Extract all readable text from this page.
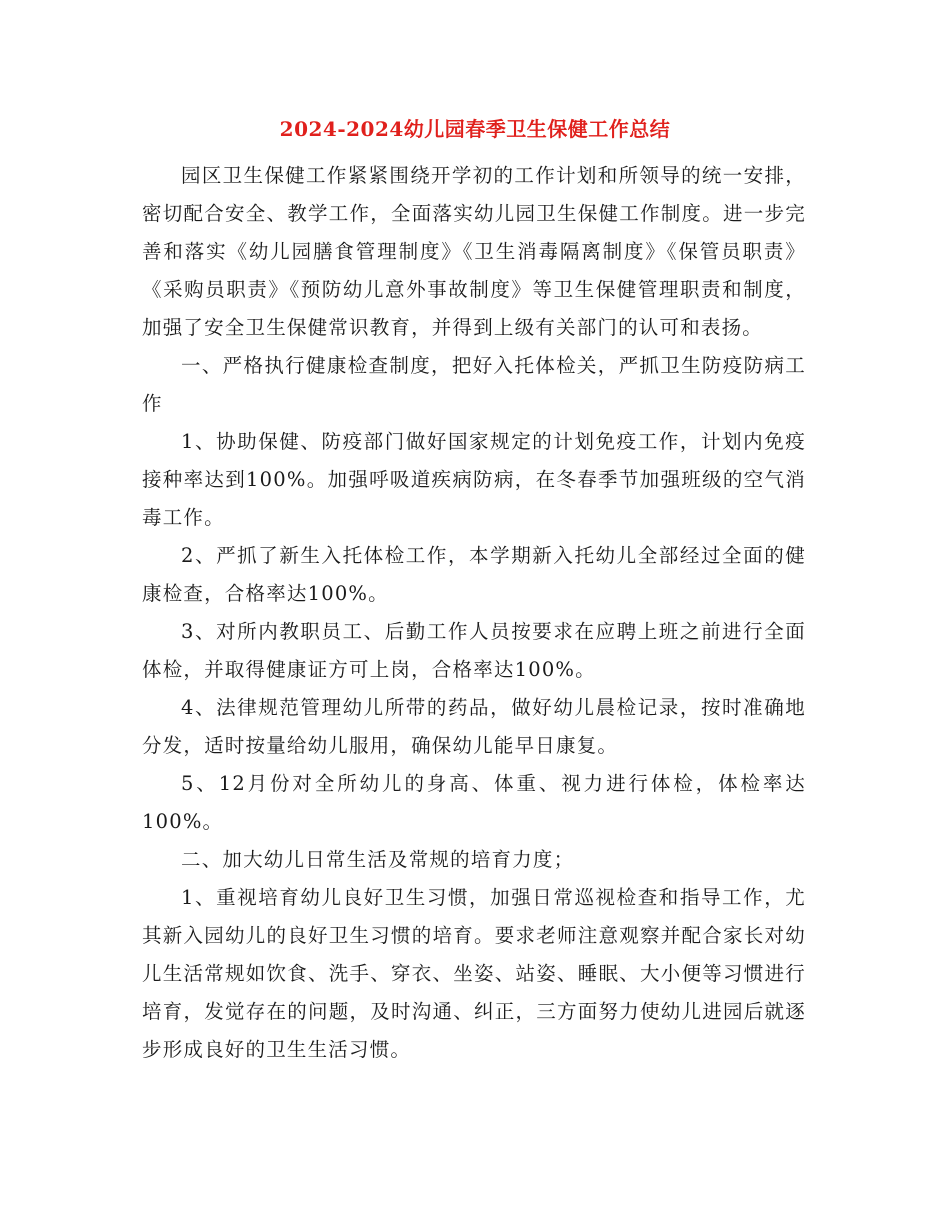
2024-2024幼儿园春季卫生保健工作总结

园区卫生保健工作紧紧围绕开学初的工作计划和所领导的统一安排，密切配合安全、教学工作，全面落实幼儿园卫生保健工作制度。进一步完善和落实《幼儿园膳食管理制度》《卫生消毒隔离制度》《保管员职责》《采购员职责》《预防幼儿意外事故制度》等卫生保健管理职责和制度，加强了安全卫生保健常识教育，并得到上级有关部门的认可和表扬。

一、严格执行健康检查制度，把好入托体检关，严抓卫生防疫防病工作

1、协助保健、防疫部门做好国家规定的计划免疫工作，计划内免疫接种率达到100%。加强呼吸道疾病防病，在冬春季节加强班级的空气消毒工作。

2、严抓了新生入托体检工作，本学期新入托幼儿全部经过全面的健康检查，合格率达100%。

3、对所内教职员工、后勤工作人员按要求在应聘上班之前进行全面体检，并取得健康证方可上岗，合格率达100%。

4、法律规范管理幼儿所带的药品，做好幼儿晨检记录，按时准确地分发，适时按量给幼儿服用，确保幼儿能早日康复。

5、12月份对全所幼儿的身高、体重、视力进行体检，体检率达100%。

二、加大幼儿日常生活及常规的培育力度；

1、重视培育幼儿良好卫生习惯，加强日常巡视检查和指导工作，尤其新入园幼儿的良好卫生习惯的培育。要求老师注意观察并配合家长对幼儿生活常规如饮食、洗手、穿衣、坐姿、站姿、睡眠、大小便等习惯进行培育，发觉存在的问题，及时沟通、纠正，三方面努力使幼儿进园后就逐步形成良好的卫生生活习惯。
